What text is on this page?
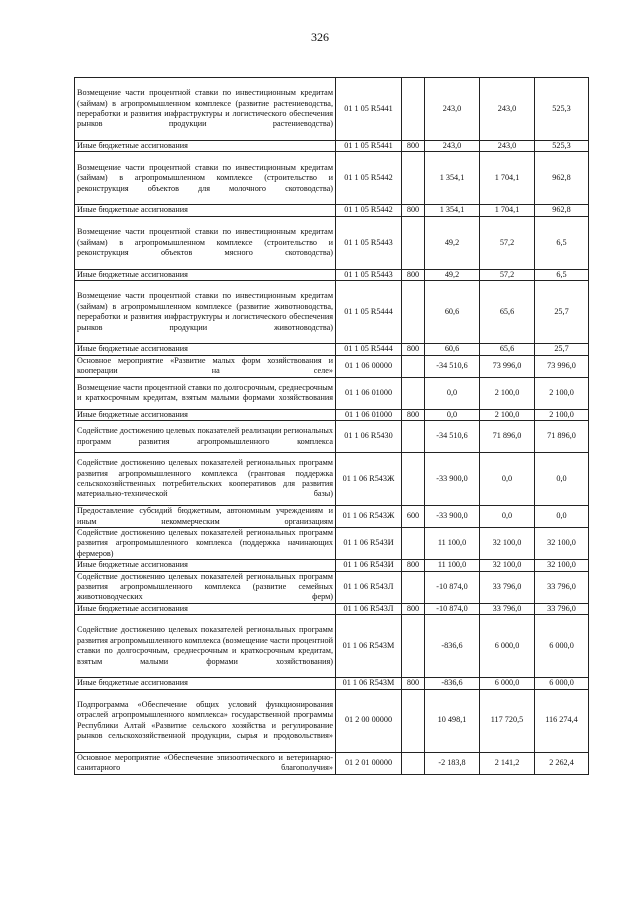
326
Возмещение части процентной ставки по инвестиционным кредитам (займам) в агропромышленном комплексе (развитие растениеводства, переработки и развития инфраструктуры и логистического обеспечения рынков продукции растениеводства)	01 1 05 R5441		243,0	243,0	525,3
Иные бюджетные ассигнования	01 1 05 R5441	800	243,0	243,0	525,3
Возмещение части процентной ставки по инвестиционным кредитам (займам) в агропромышленном комплексе (строительство и реконструкция объектов для молочного скотоводства)	01 1 05 R5442		1 354,1	1 704,1	962,8
Иные бюджетные ассигнования	01 1 05 R5442	800	1 354,1	1 704,1	962,8
Возмещение части процентной ставки по инвестиционным кредитам (займам) в агропромышленном комплексе (строительство и реконструкция объектов мясного скотоводства)	01 1 05 R5443		49,2	57,2	6,5
Иные бюджетные ассигнования	01 1 05 R5443	800	49,2	57,2	6,5
Возмещение части процентной ставки по инвестиционным кредитам (займам) в агропромышленном комплексе (развитие животноводства, переработки и развития инфраструктуры и логистического обеспечения рынков продукции животноводства)	01 1 05 R5444		60,6	65,6	25,7
Иные бюджетные ассигнования	01 1 05 R5444	800	60,6	65,6	25,7
Основное мероприятие «Развитие малых форм хозяйствования и кооперации на селе»	01 1 06 00000		-34 510,6	73 996,0	73 996,0
Возмещение части процентной ставки по долгосрочным, среднесрочным и краткосрочным кредитам, взятым малыми формами хозяйствования	01 1 06 01000		0,0	2 100,0	2 100,0
Иные бюджетные ассигнования	01 1 06 01000	800	0,0	2 100,0	2 100,0
Содействие достижению целевых показателей реализации региональных программ развития агропромышленного комплекса	01 1 06 R5430		-34 510,6	71 896,0	71 896,0
Содействие достижению целевых показателей региональных программ развития агропромышленного комплекса (грантовая поддержка сельскохозяйственных потребительских кооперативов для развития материально-технической базы)	01 1 06 R543Ж		-33 900,0	0,0	0,0
Предоставление субсидий бюджетным, автономным учреждениям и иным некоммерческим организациям	01 1 06 R543Ж	600	-33 900,0	0,0	0,0
Содействие достижению целевых показателей региональных программ развития агропромышленного комплекса (поддержка начинающих фермеров)	01 1 06 R543И		11 100,0	32 100,0	32 100,0
Иные бюджетные ассигнования	01 1 06 R543И	800	11 100,0	32 100,0	32 100,0
Содействие достижению целевых показателей региональных программ развития агропромышленного комплекса (развитие семейных животноводческих ферм)	01 1 06 R543Л		-10 874,0	33 796,0	33 796,0
Иные бюджетные ассигнования	01 1 06 R543Л	800	-10 874,0	33 796,0	33 796,0
Содействие достижению целевых показателей региональных программ развития агропромышленного комплекса (возмещение части процентной ставки по долгосрочным, среднесрочным и краткосрочным кредитам, взятым малыми формами хозяйствования)	01 1 06 R543М		-836,6	6 000,0	6 000,0
Иные бюджетные ассигнования	01 1 06 R543М	800	-836,6	6 000,0	6 000,0
Подпрограмма «Обеспечение общих условий функционирования отраслей агропромышленного комплекса» государственной программы Республики Алтай «Развитие сельского хозяйства и регулирование рынков сельскохозяйственной продукции, сырья и продовольствия»	01 2 00 00000		10 498,1	117 720,5	116 274,4
Основное мероприятие «Обеспечение эпизоотического и ветеринарно-санитарного благополучия»	01 2 01 00000		-2 183,8	2 141,2	2 262,4
